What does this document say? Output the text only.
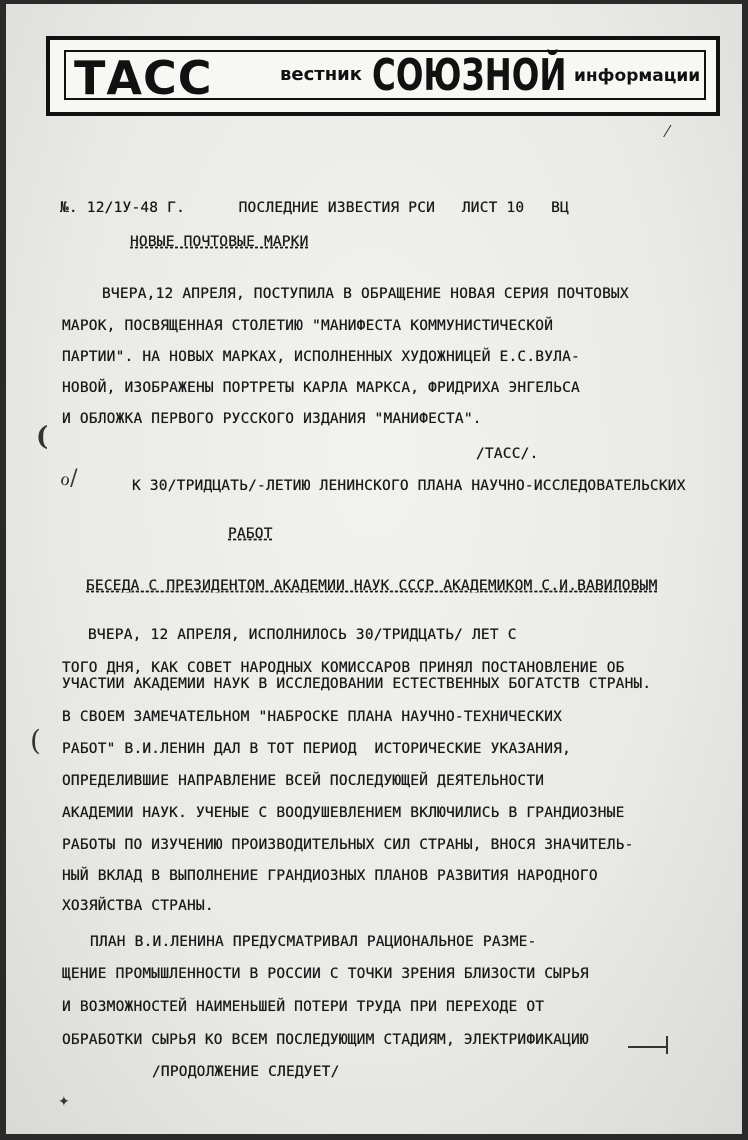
ТАСС	вестник СОЮЗНОЙ информации
⁄
№. 12/1У-48 Г.      ПОСЛЕДНИЕ ИЗВЕСТИЯ РСИ   ЛИСТ 10   ВЦ
НОВЫЕ ПОЧТОВЫЕ МАРКИ
ВЧЕРА,12 АПРЕЛЯ, ПОСТУПИЛА В ОБРАЩЕНИЕ НОВАЯ СЕРИЯ ПОЧТОВЫХ
МАРОК, ПОСВЯЩЕННАЯ СТОЛЕТИЮ "МАНИФЕСТА КОММУНИСТИЧЕСКОЙ
ПАРТИИ". НА НОВЫХ МАРКАХ, ИСПОЛНЕННЫХ ХУДОЖНИЦЕЙ Е.С.ВУЛА-
НОВОЙ, ИЗОБРАЖЕНЫ ПОРТРЕТЫ КАРЛА МАРКСА, ФРИДРИХА ЭНГЕЛЬСА
И ОБЛОЖКА ПЕРВОГО РУССКОГО ИЗДАНИЯ "МАНИФЕСТА".
/ТАСС/.
(
ℴ/	К 30/ТРИДЦАТЬ/-ЛЕТИЮ ЛЕНИНСКОГО ПЛАНА НАУЧНО-ИССЛЕДОВАТЕЛЬСКИХ
РАБОТ
БЕСЕДА С ПРЕЗИДЕНТОМ АКАДЕМИИ НАУК СССР АКАДЕМИКОМ С.И.ВАВИЛОВЫМ
ВЧЕРА, 12 АПРЕЛЯ, ИСПОЛНИЛОСЬ 30/ТРИДЦАТЬ/ ЛЕТ С
ТОГО ДНЯ, КАК СОВЕТ НАРОДНЫХ КОМИССАРОВ ПРИНЯЛ ПОСТАНОВЛЕНИЕ ОБ
УЧАСТИИ АКАДЕМИИ НАУК В ИССЛЕДОВАНИИ ЕСТЕСТВЕННЫХ БОГАТСТВ СТРАНЫ.
В СВОЕМ ЗАМЕЧАТЕЛЬНОМ "НАБРОСКЕ ПЛАНА НАУЧНО-ТЕХНИЧЕСКИХ
РАБОТ" В.И.ЛЕНИН ДАЛ В ТОТ ПЕРИОД  ИСТОРИЧЕСКИЕ УКАЗАНИЯ,
ОПРЕДЕЛИВШИЕ НАПРАВЛЕНИЕ ВСЕЙ ПОСЛЕДУЮЩЕЙ ДЕЯТЕЛЬНОСТИ
АКАДЕМИИ НАУК. УЧЕНЫЕ С ВООДУШЕВЛЕНИЕМ ВКЛЮЧИЛИСЬ В ГРАНДИОЗНЫЕ
РАБОТЫ ПО ИЗУЧЕНИЮ ПРОИЗВОДИТЕЛЬНЫХ СИЛ СТРАНЫ, ВНОСЯ ЗНАЧИТЕЛЬ-
НЫЙ ВКЛАД В ВЫПОЛНЕНИЕ ГРАНДИОЗНЫХ ПЛАНОВ РАЗВИТИЯ НАРОДНОГО
ХОЗЯЙСТВА СТРАНЫ.
(
ПЛАН В.И.ЛЕНИНА ПРЕДУСМАТРИВАЛ РАЦИОНАЛЬНОЕ РАЗМЕ-
ЩЕНИЕ ПРОМЫШЛЕННОСТИ В РОССИИ С ТОЧКИ ЗРЕНИЯ БЛИЗОСТИ СЫРЬЯ
И ВОЗМОЖНОСТЕЙ НАИМЕНЬШЕЙ ПОТЕРИ ТРУДА ПРИ ПЕРЕХОДЕ ОТ
ОБРАБОТКИ СЫРЬЯ КО ВСЕМ ПОСЛЕДУЮЩИМ СТАДИЯМ, ЭЛЕКТРИФИКАЦИЮ
/ПРОДОЛЖЕНИЕ СЛЕДУЕТ/
✦
